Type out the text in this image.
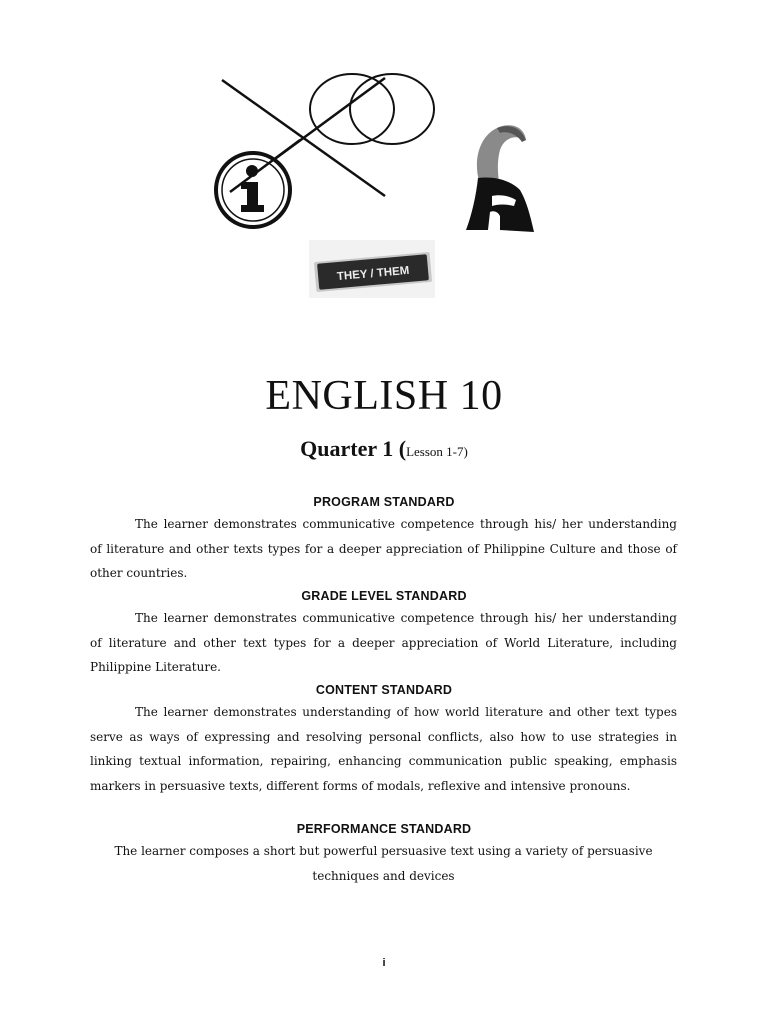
THEY / THEM
ENGLISH 10
Quarter 1 (Lesson 1-7)
PROGRAM STANDARD
The learner demonstrates communicative competence through his/ her understanding of literature and other texts types for a deeper appreciation of Philippine Culture and those of other countries.
GRADE LEVEL STANDARD
The learner demonstrates communicative competence through his/ her understanding of literature and other text types for a deeper appreciation of World Literature, including Philippine Literature.
CONTENT STANDARD
The learner demonstrates understanding of how world literature and other text types serve as ways of expressing and resolving personal conflicts, also how to use strategies in linking textual information, repairing, enhancing communication public speaking, emphasis markers in persuasive texts, different forms of modals, reflexive and intensive pronouns.
PERFORMANCE STANDARD
The learner composes a short but powerful persuasive text using a variety of persuasive techniques and devices
i
